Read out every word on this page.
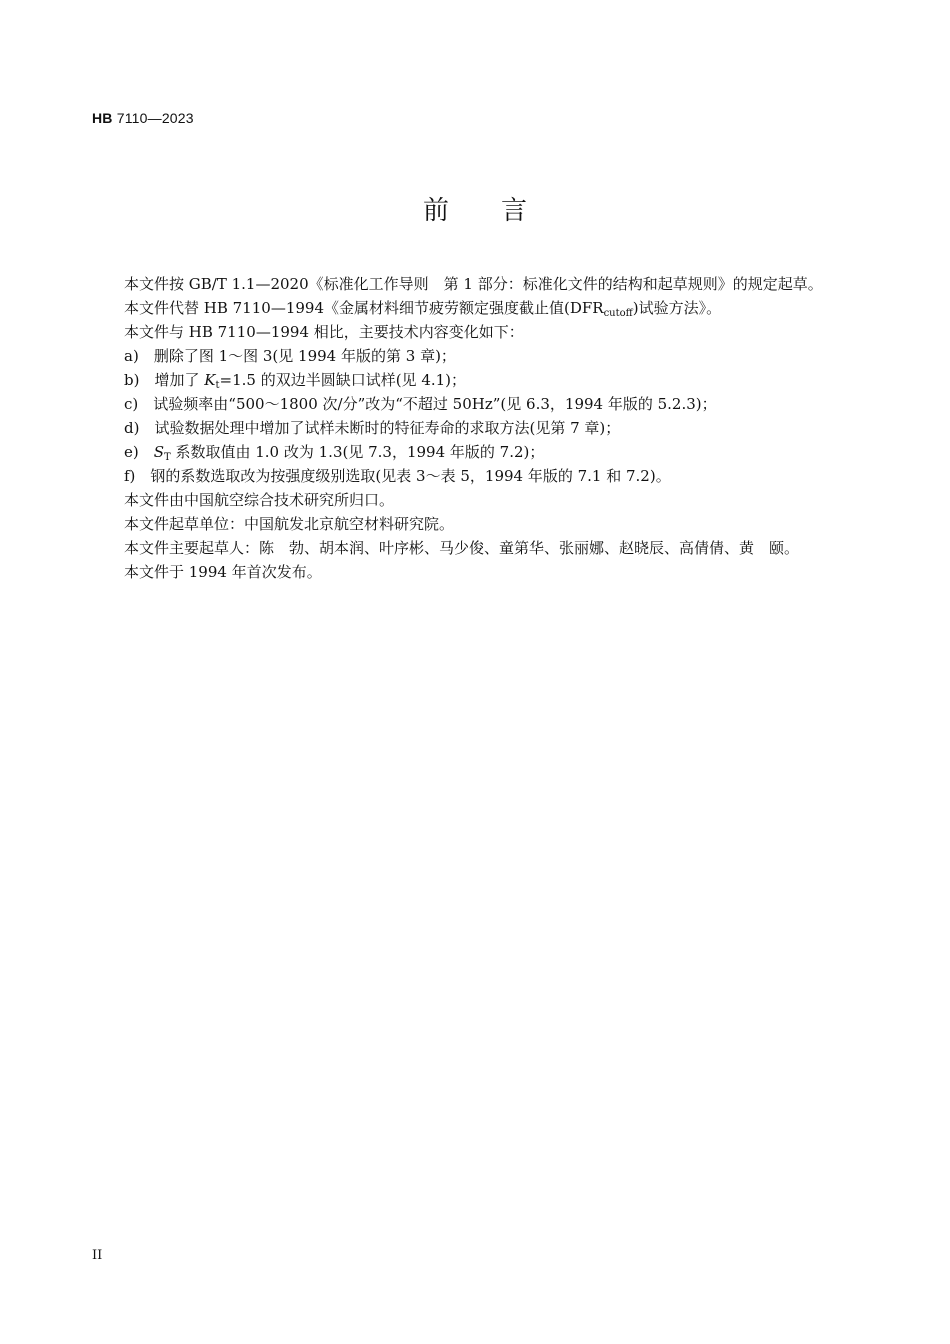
HB 7110—2023
前言

本文件按 GB/T 1.1—2020《标准化工作导则　第 1 部分：标准化文件的结构和起草规则》的规定起草。

本文件代替 HB 7110—1994《金属材料细节疲劳额定强度截止值$(DFR_{cutoff})$试验方法》。

本文件与 HB 7110—1994 相比，主要技术内容变化如下：

a)　 删除了图 1～图 3(见 1994 年版的第 3 章)；

b)　 增加了 $K_t=1.5$ 的双边半圆缺口试样(见 4.1)；

c)　 试验频率由“500～1800 次/分”改为“不超过 50Hz”(见 6.3，1994 年版的 5.2.3)；

d)　 试验数据处理中增加了试样未断时的特征寿命的求取方法(见第 7 章)；

e)　 $S_T$ 系数取值由 1.0 改为 1.3(见 7.3，1994 年版的 7.2)；

f)　 钢的系数选取改为按强度级别选取(见表 3～表 5，1994 年版的 7.1 和 7.2)。

本文件由中国航空综合技术研究所归口。

本文件起草单位：中国航发北京航空材料研究院。

本文件主要起草人：陈　勃、胡本润、叶序彬、马少俊、童第华、张丽娜、赵晓辰、高倩倩、黄　颐。

本文件于 1994 年首次发布。

II
